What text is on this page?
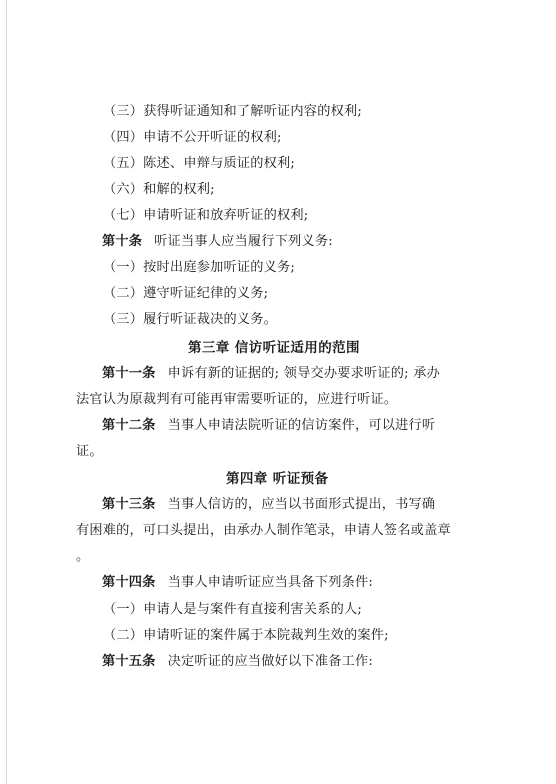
（三）获得听证通知和了解听证内容的权利;
（四）申请不公开听证的权利;
（五）陈述、申辩与质证的权利;
（六）和解的权利;
（七）申请听证和放弃听证的权利;
第十条 听证当事人应当履行下列义务:
（一）按时出庭参加听证的义务;
（二）遵守听证纪律的义务;
（三）履行听证裁决的义务。
第三章 信访听证适用的范围
第十一条 申诉有新的证据的; 领导交办要求听证的; 承办
法官认为原裁判有可能再审需要听证的，应进行听证。
第十二条 当事人申请法院听证的信访案件，可以进行听
证。
第四章 听证预备
第十三条 当事人信访的，应当以书面形式提出，书写确
有困难的，可口头提出，由承办人制作笔录，申请人签名或盖章
。
第十四条 当事人申请听证应当具备下列条件:
（一）申请人是与案件有直接利害关系的人;
（二）申请听证的案件属于本院裁判生效的案件;
第十五条 决定听证的应当做好以下准备工作:
